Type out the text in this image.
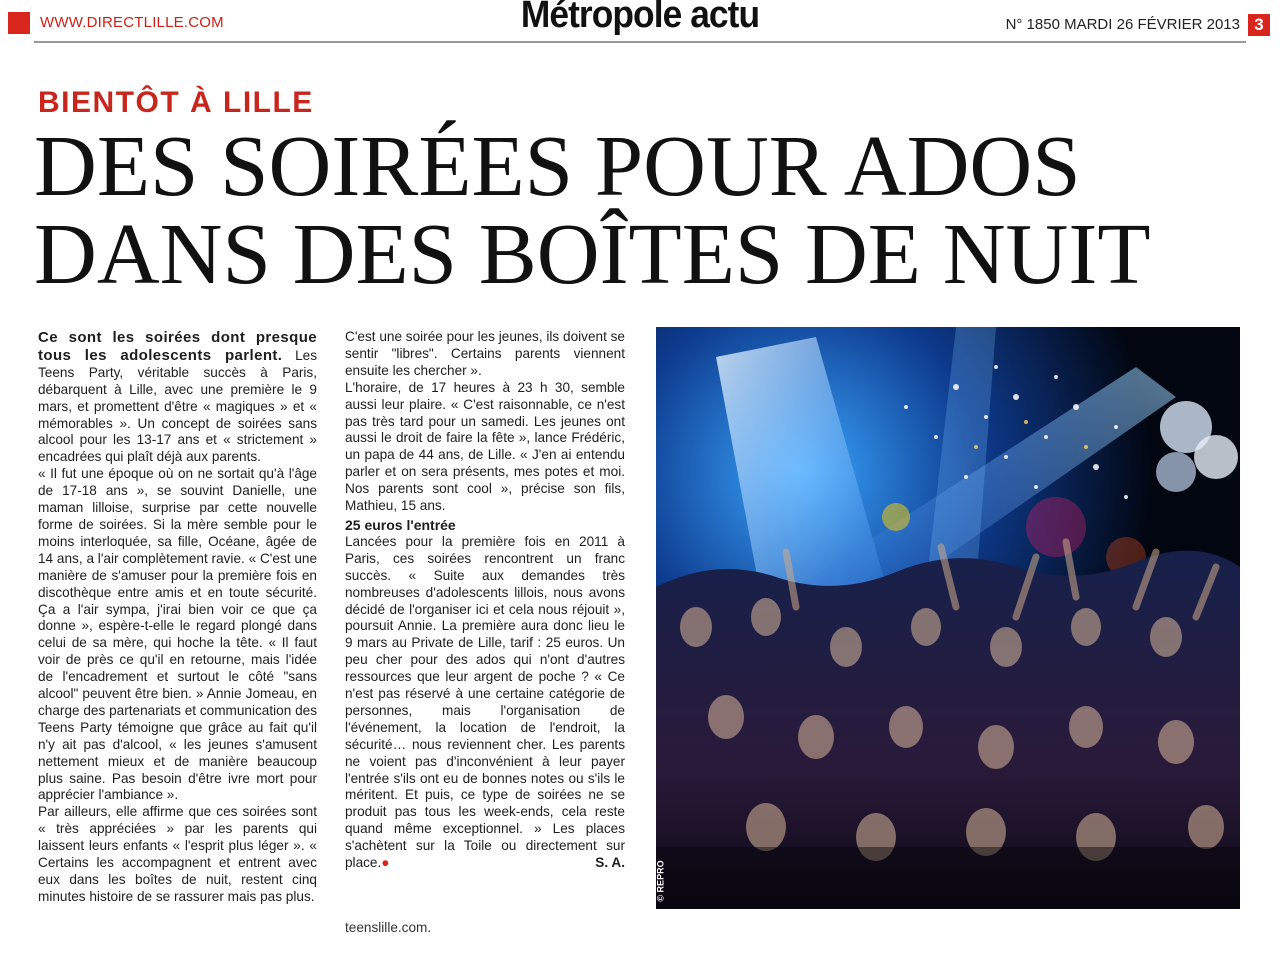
WWW.DIRECTLILLE.COM	Métropole actu	N° 1850 MARDI 26 FÉVRIER 2013 3
BIENTÔT À LILLE
DES SOIRÉES POUR ADOS
DANS DES BOÎTES DE NUIT

Ce sont les soirées dont presque tous les adolescents parlent. Les Teens Party, véritable succès à Paris, débarquent à Lille, avec une première le 9 mars, et promettent d'être « magiques » et « mémorables ». Un concept de soirées sans alcool pour les 13-17 ans et « strictement » encadrées qui plaît déjà aux parents.

« Il fut une époque où on ne sortait qu'à l'âge de 17-18 ans », se souvint Danielle, une maman lilloise, surprise par cette nouvelle forme de soirées. Si la mère semble pour le moins interloquée, sa fille, Océane, âgée de 14 ans, a l'air complètement ravie. « C'est une manière de s'amuser pour la première fois en discothèque entre amis et en toute sécurité. Ça a l'air sympa, j'irai bien voir ce que ça donne », espère-t-elle le regard plongé dans celui de sa mère, qui hoche la tête. « Il faut voir de près ce qu'il en retourne, mais l'idée de l'encadrement et surtout le côté "sans alcool" peuvent être bien. » Annie Jomeau, en charge des partenariats et communication des Teens Party témoigne que grâce au fait qu'il n'y ait pas d'alcool, « les jeunes s'amusent nettement mieux et de manière beaucoup plus saine. Pas besoin d'être ivre mort pour apprécier l'ambiance ».

Par ailleurs, elle affirme que ces soirées sont « très appréciées » par les parents qui laissent leurs enfants « l'esprit plus léger ». « Certains les accompagnent et entrent avec eux dans les boîtes de nuit, restent cinq minutes histoire de se rassurer mais pas plus.

C'est une soirée pour les jeunes, ils doivent se sentir "libres". Certains parents viennent ensuite les chercher ».

L'horaire, de 17 heures à 23 h 30, semble aussi leur plaire. « C'est raisonnable, ce n'est pas très tard pour un samedi. Les jeunes ont aussi le droit de faire la fête », lance Frédéric, un papa de 44 ans, de Lille. « J'en ai entendu parler et on sera présents, mes potes et moi. Nos parents sont cool », précise son fils, Mathieu, 15 ans.

25 euros l'entrée

Lancées pour la première fois en 2011 à Paris, ces soirées rencontrent un franc succès. « Suite aux demandes très nombreuses d'adolescents lillois, nous avons décidé de l'organiser ici et cela nous réjouit », poursuit Annie. La première aura donc lieu le 9 mars au Private de Lille, tarif : 25 euros. Un peu cher pour des ados qui n'ont d'autres ressources que leur argent de poche ? « Ce n'est pas réservé à une certaine catégorie de personnes, mais l'organisation de l'événement, la location de l'endroit, la sécurité… nous reviennent cher. Les parents ne voient pas d'inconvénient à leur payer l'entrée s'ils ont eu de bonnes notes ou s'ils le méritent. Et puis, ce type de soirées ne se produit pas tous les week-ends, cela reste quand même exceptionnel. » Les places s'achètent sur la Toile ou directement sur place.●	S. A.

teenslille.com.
© REPRO
